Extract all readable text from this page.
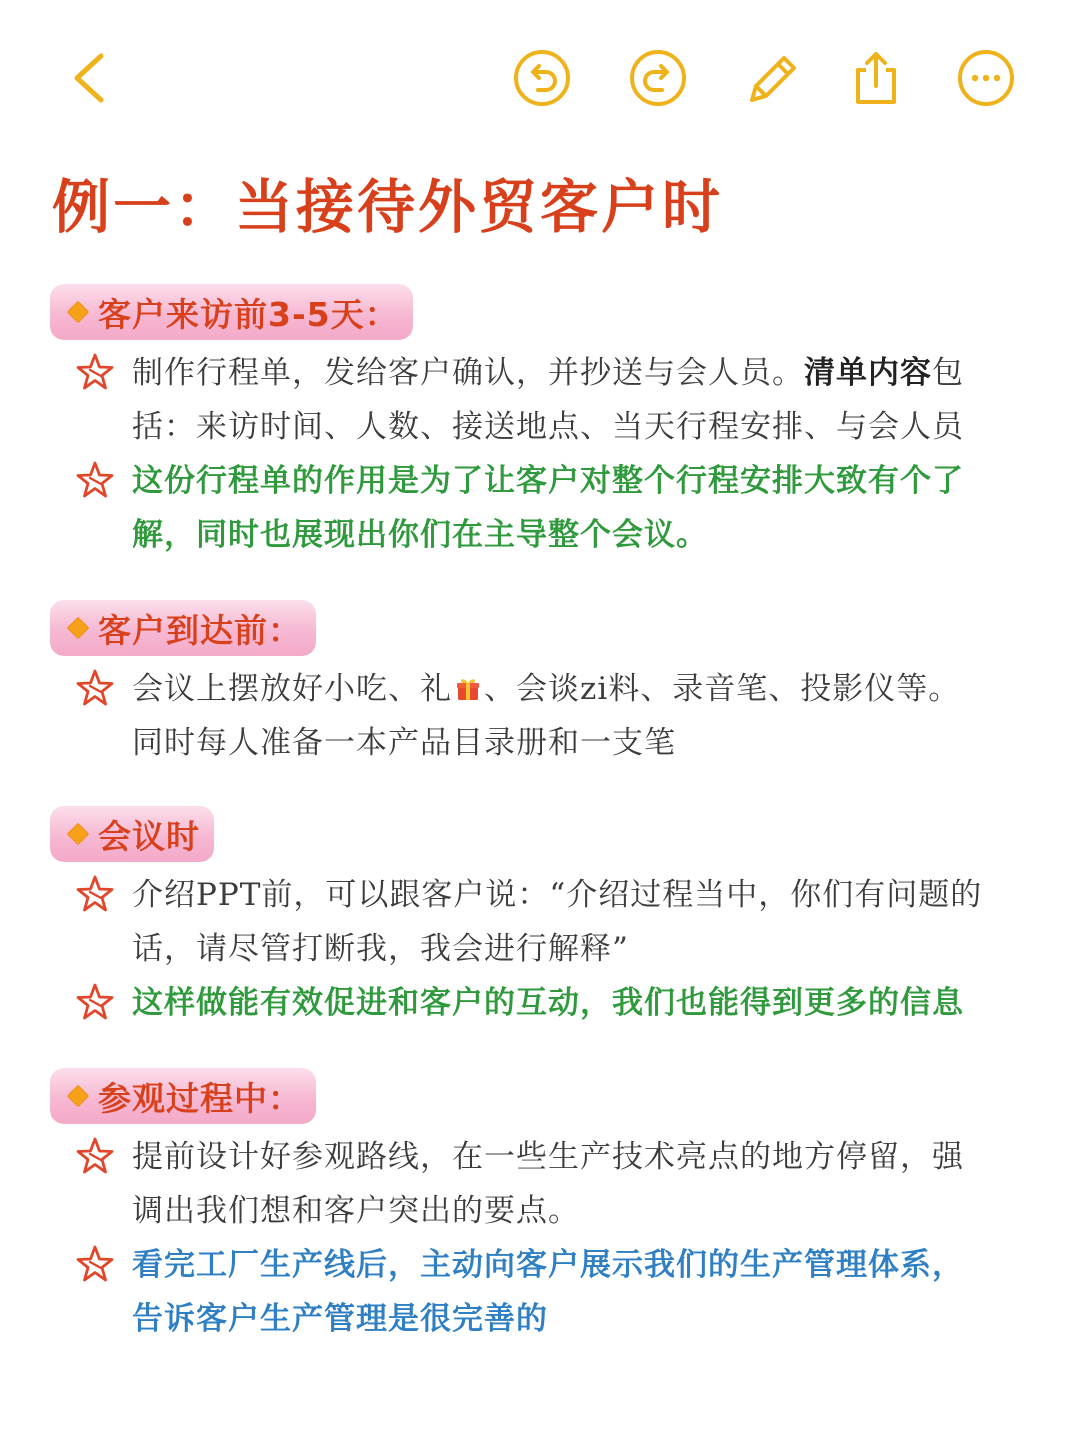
例一：当接待外贸客户时
客户来访前3-5天：
制作行程单，发给客户确认，并抄送与会人员。清单内容包括：来访时间、人数、接送地点、当天行程安排、与会人员
这份行程单的作用是为了让客户对整个行程安排大致有个了解，同时也展现出你们在主导整个会议。
客户到达前：
会议上摆放好小吃、礼 、会谈zi料、录音笔、投影仪等。同时每人准备一本产品目录册和一支笔
会议时
介绍PPT前，可以跟客户说：“介绍过程当中，你们有问题的话，请尽管打断我，我会进行解释”
这样做能有效促进和客户的互动，我们也能得到更多的信息
参观过程中：
提前设计好参观路线，在一些生产技术亮点的地方停留，强调出我们想和客户突出的要点。
看完工厂生产线后，主动向客户展示我们的生产管理体系，告诉客户生产管理是很完善的
